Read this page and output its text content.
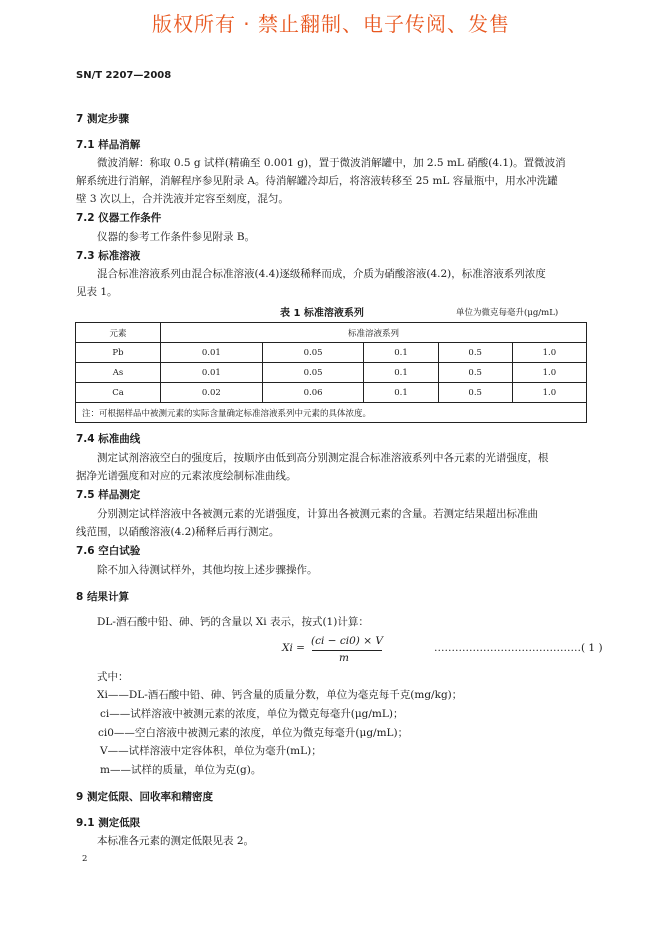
版权所有 · 禁止翻制、电子传阅、发售
SN/T 2207—2008
7 测定步骤
7.1 样品消解
微波消解：称取 0.5 g 试样(精确至 0.001 g)，置于微波消解罐中，加 2.5 mL 硝酸(4.1)。置微波消
解系统进行消解，消解程序参见附录 A。待消解罐冷却后，将溶液转移至 25 mL 容量瓶中，用水冲洗罐
壁 3 次以上，合并洗液并定容至刻度，混匀。
7.2 仪器工作条件
仪器的参考工作条件参见附录 B。
7.3 标准溶液
混合标准溶液系列由混合标准溶液(4.4)逐级稀释而成，介质为硝酸溶液(4.2)，标准溶液系列浓度
见表 1。
表 1 标准溶液系列	单位为微克每毫升(μg/mL)
元素	标准溶液系列				
Pb	0.01	0.05	0.1	0.5	1.0
As	0.01	0.05	0.1	0.5	1.0
Ca	0.02	0.06	0.1	0.5	1.0
注：可根据样品中被测元素的实际含量确定标准溶液系列中元素的具体浓度。					
7.4 标准曲线
测定试剂溶液空白的强度后，按顺序由低到高分别测定混合标准溶液系列中各元素的光谱强度，根
据净光谱强度和对应的元素浓度绘制标准曲线。
7.5 样品测定
分别测定试样溶液中各被测元素的光谱强度，计算出各被测元素的含量。若测定结果超出标准曲
线范围，以硝酸溶液(4.2)稀释后再行测定。
7.6 空白试验
除不加入待测试样外，其他均按上述步骤操作。
8 结果计算
DL-酒石酸中铅、砷、钙的含量以 Xi 表示，按式(1)计算：
Xi =
(ci − ci0) × V
m
……………………………………( 1 )
式中：
Xi——DL-酒石酸中铅、砷、钙含量的质量分数，单位为毫克每千克(mg/kg)；
ci——试样溶液中被测元素的浓度，单位为微克每毫升(μg/mL)；
ci0——空白溶液中被测元素的浓度，单位为微克每毫升(μg/mL)；
V——试样溶液中定容体积，单位为毫升(mL)；
m——试样的质量，单位为克(g)。
9 测定低限、回收率和精密度
9.1 测定低限
本标准各元素的测定低限见表 2。
2
